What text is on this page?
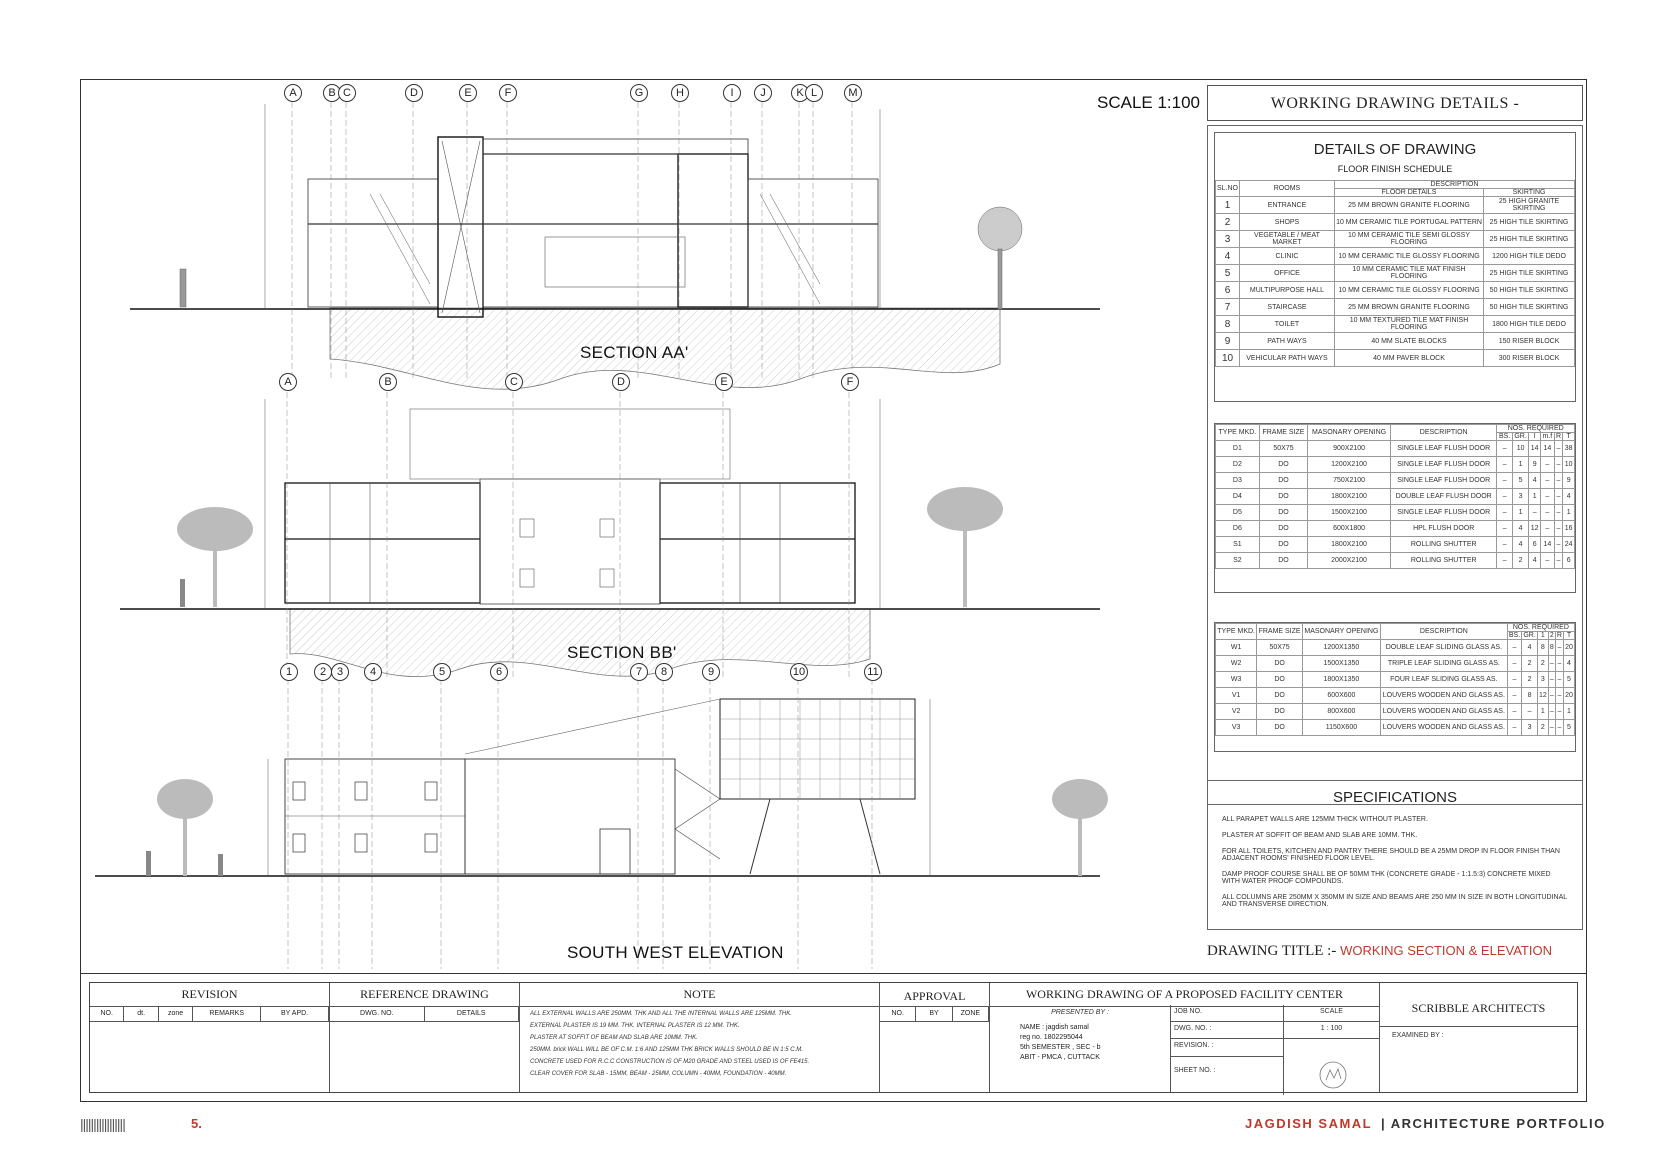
A	B C	D	E	F	G	H	I	J	K L	M
A	B	C	D	E	F
1	2 3	4	5	6	7	8	9	10	11
SCALE 1:100
SECTION AA'
SECTION BB'
SOUTH WEST ELEVATION
WORKING DRAWING DETAILS -
DETAILS OF DRAWING
FLOOR FINISH SCHEDULE
SL.NO	ROOMS	DESCRIPTION	
		FLOOR DETAILS	SKIRTING
1	ENTRANCE	25 MM BROWN GRANITE FLOORING	25 HIGH GRANITE SKIRTING
2	SHOPS	10 MM CERAMIC TILE PORTUGAL PATTERN	25 HIGH TILE SKIRTING
3	VEGETABLE / MEAT MARKET	10 MM CERAMIC TILE SEMI GLOSSY FLOORING	25 HIGH TILE SKIRTING
4	CLINIC	10 MM CERAMIC TILE GLOSSY FLOORING	1200 HIGH TILE DEDO
5	OFFICE	10 MM CERAMIC TILE MAT FINISH FLOORING	25 HIGH TILE SKIRTING
6	MULTIPURPOSE HALL	10 MM CERAMIC TILE GLOSSY FLOORING	50 HIGH TILE SKIRTING
7	STAIRCASE	25 MM BROWN GRANITE FLOORING	50 HIGH TILE SKIRTING
8	TOILET	10 MM TEXTURED TILE MAT FINISH FLOORING	1800 HIGH TILE DEDO
9	PATH WAYS	40 MM SLATE BLOCKS	150 RISER BLOCK
10	VEHICULAR PATH WAYS	40 MM PAVER BLOCK	300 RISER BLOCK
TYPE MKD.	FRAME SIZE	MASONARY OPENING	DESCRIPTION	NOS. REQUIRED					
				BS.	GR.	I	m.f	R	T
D1	50X75	900X2100	SINGLE LEAF FLUSH DOOR	–	10	14	14	–	38
D2	DO	1200X2100	SINGLE LEAF FLUSH DOOR	–	1	9	–	–	10
D3	DO	750X2100	SINGLE LEAF FLUSH DOOR	–	5	4	–	–	9
D4	DO	1800X2100	DOUBLE LEAF FLUSH DOOR	–	3	1	–	–	4
D5	DO	1500X2100	SINGLE LEAF FLUSH DOOR	–	1	–	–	–	1
D6	DO	600X1800	HPL FLUSH DOOR	–	4	12	–	–	16
S1	DO	1800X2100	ROLLING SHUTTER	–	4	6	14	–	24
S2	DO	2000X2100	ROLLING SHUTTER	–	2	4	–	–	6
TYPE MKD.	FRAME SIZE	MASONARY OPENING	DESCRIPTION	NOS. REQUIRED					
				BS.	GR.	1	2	R	T
W1	50X75	1200X1350	DOUBLE LEAF SLIDING GLASS AS.	–	4	8	8	–	20
W2	DO	1500X1350	TRIPLE LEAF SLIDING GLASS AS.	–	2	2	–	–	4
W3	DO	1800X1350	FOUR LEAF SLIDING GLASS AS.	–	2	3	–	–	5
V1	DO	600X600	LOUVERS WOODEN AND GLASS AS.	–	8	12	–	–	20
V2	DO	800X600	LOUVERS WOODEN AND GLASS AS.	–	–	1	–	–	1
V3	DO	1150X600	LOUVERS WOODEN AND GLASS AS.	–	3	2	–	–	5
SPECIFICATIONS

ALL PARAPET WALLS ARE 125MM THICK WITHOUT PLASTER.

PLASTER AT SOFFIT OF BEAM AND SLAB ARE 10MM. THK.

FOR ALL TOILETS, KITCHEN AND PANTRY THERE SHOULD BE A 25MM DROP IN FLOOR FINISH THAN ADJACENT ROOMS' FINISHED FLOOR LEVEL.

DAMP PROOF COURSE SHALL BE OF 50MM THK (CONCRETE GRADE - 1:1.5:3) CONCRETE MIXED WITH WATER PROOF COMPOUNDS.

ALL COLUMNS ARE 250MM X 350MM IN SIZE AND BEAMS ARE 250 MM IN SIZE IN BOTH LONGITUDINAL AND TRANSVERSE DIRECTION.

DRAWING TITLE :- WORKING SECTION & ELEVATION
REVISION
NO.	dt.	zone	REMARKS	BY APD.
REFERENCE DRAWING
DWG. NO.	DETAILS
NOTE
ALL EXTERNAL WALLS ARE 250MM. THK AND ALL THE INTERNAL WALLS ARE 125MM. THK.
EXTERNAL PLASTER IS 19 MM. THK. INTERNAL PLASTER IS 12 MM. THK.
PLASTER AT SOFFIT OF BEAM AND SLAB ARE 10MM. THK.
250MM. brick WALL WILL BE OF C.M. 1:6 AND 125MM THK BRICK WALLS SHOULD BE IN 1:5 C.M.
CONCRETE USED FOR R.C.C CONSTRUCTION IS OF M20 GRADE AND STEEL USED IS OF FE415.
CLEAR COVER FOR SLAB - 15MM, BEAM - 25MM, COLUMN - 40MM, FOUNDATION - 40MM.
APPROVAL
NO.	BY	ZONE
WORKING DRAWING OF A PROPOSED FACILITY CENTER
PRESENTED BY :
NAME : jagdish samal
reg no. 1802295044
5th SEMESTER , SEC - b
ABIT - PMCA , CUTTACK
JOB NO.	SCALE
DWG. NO. :	1 : 100
REVISION. :
SHEET NO. :
SCRIBBLE ARCHITECTS
EXAMINED BY :
|||||||||||||||||	5.	JAGDISH SAMAL | ARCHITECTURE PORTFOLIO
